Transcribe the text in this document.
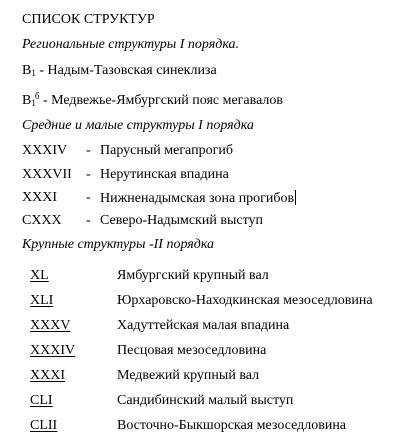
СПИСОК СТРУКТУР
Региональные структуры I порядка.
$B_1$ - Надым-Тазовская синеклиза
$B_1^б$ - Медвежье-Ямбургский пояс мегавалов
Средние и малые структуры I порядка
XXXIV - Парусный мегапрогиб
XXXVII - Нерутинская впадина
XXXI - Нижненадымская зона прогибов
CXXX - Северо-Надымский выступ
Крупные структуры -II порядка
XL	Ямбургский крупный вал
XLI	Юрхаровско-Находкинская мезоседловина
XXXV	Хадуттейская малая впадина
XXXIV	Песцовая мезоседловина
XXXI	Медвежий крупный вал
CLI	Сандибинский малый выступ
CLII	Восточно-Быкшорская мезоседловина
